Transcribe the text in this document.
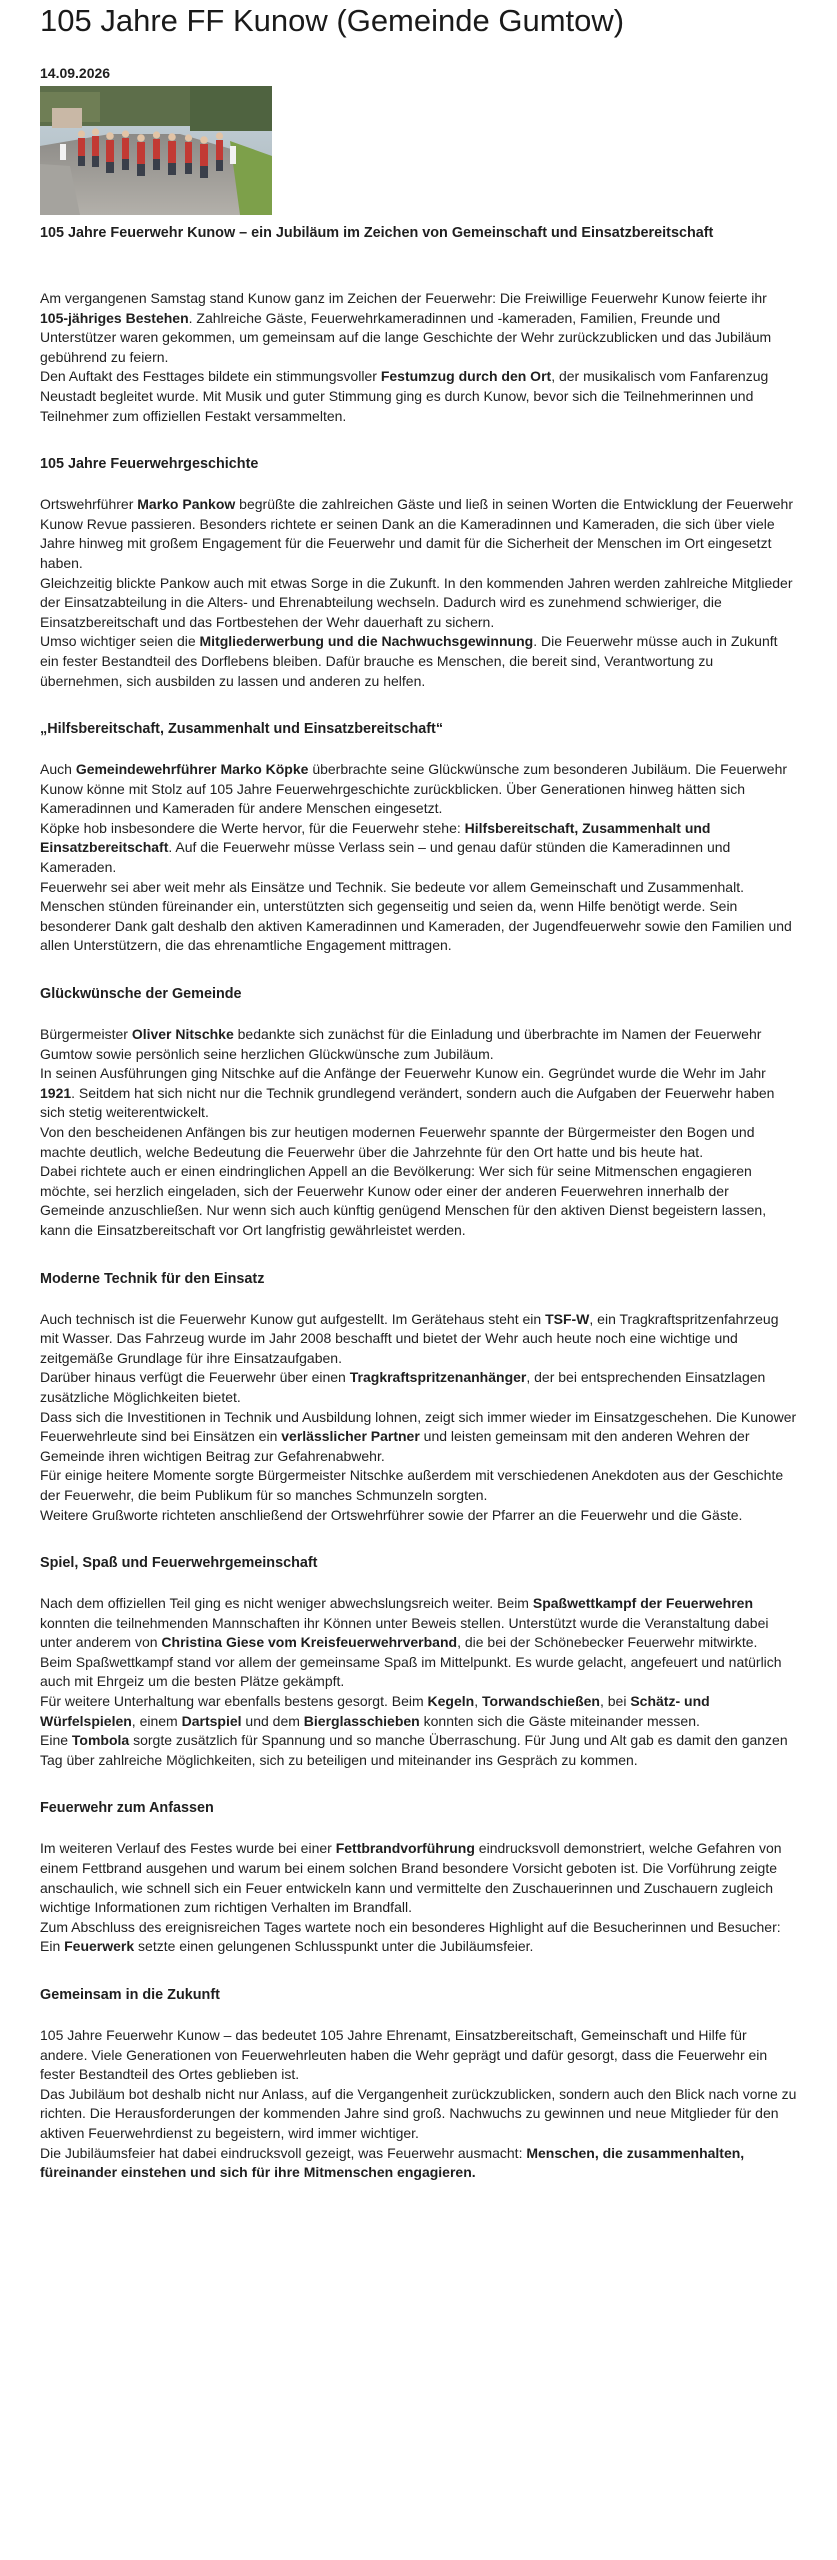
105 Jahre FF Kunow (Gemeinde Gumtow)
14.09.2026
105 Jahre Feuerwehr Kunow – ein Jubiläum im Zeichen von Gemeinschaft und Einsatzbereitschaft

Am vergangenen Samstag stand Kunow ganz im Zeichen der Feuerwehr: Die Freiwillige Feuerwehr Kunow feierte ihr 105-jähriges Bestehen. Zahlreiche Gäste, Feuerwehrkameradinnen und -kameraden, Familien, Freunde und Unterstützer waren gekommen, um gemeinsam auf die lange Geschichte der Wehr zurückzublicken und das Jubiläum gebührend zu feiern.

Den Auftakt des Festtages bildete ein stimmungsvoller Festumzug durch den Ort, der musikalisch vom Fanfarenzug Neustadt begleitet wurde. Mit Musik und guter Stimmung ging es durch Kunow, bevor sich die Teilnehmerinnen und Teilnehmer zum offiziellen Festakt versammelten.

105 Jahre Feuerwehrgeschichte

Ortswehrführer Marko Pankow begrüßte die zahlreichen Gäste und ließ in seinen Worten die Entwicklung der Feuerwehr Kunow Revue passieren. Besonders richtete er seinen Dank an die Kameradinnen und Kameraden, die sich über viele Jahre hinweg mit großem Engagement für die Feuerwehr und damit für die Sicherheit der Menschen im Ort eingesetzt haben.

Gleichzeitig blickte Pankow auch mit etwas Sorge in die Zukunft. In den kommenden Jahren werden zahlreiche Mitglieder der Einsatzabteilung in die Alters- und Ehrenabteilung wechseln. Dadurch wird es zunehmend schwieriger, die Einsatzbereitschaft und das Fortbestehen der Wehr dauerhaft zu sichern.

Umso wichtiger seien die Mitgliederwerbung und die Nachwuchsgewinnung. Die Feuerwehr müsse auch in Zukunft ein fester Bestandteil des Dorflebens bleiben. Dafür brauche es Menschen, die bereit sind, Verantwortung zu übernehmen, sich ausbilden zu lassen und anderen zu helfen.

„Hilfsbereitschaft, Zusammenhalt und Einsatzbereitschaft“

Auch Gemeindewehrführer Marko Köpke überbrachte seine Glückwünsche zum besonderen Jubiläum. Die Feuerwehr Kunow könne mit Stolz auf 105 Jahre Feuerwehrgeschichte zurückblicken. Über Generationen hinweg hätten sich Kameradinnen und Kameraden für andere Menschen eingesetzt.

Köpke hob insbesondere die Werte hervor, für die Feuerwehr stehe: Hilfsbereitschaft, Zusammenhalt und Einsatzbereitschaft. Auf die Feuerwehr müsse Verlass sein – und genau dafür stünden die Kameradinnen und Kameraden.

Feuerwehr sei aber weit mehr als Einsätze und Technik. Sie bedeute vor allem Gemeinschaft und Zusammenhalt. Menschen stünden füreinander ein, unterstützten sich gegenseitig und seien da, wenn Hilfe benötigt werde. Sein besonderer Dank galt deshalb den aktiven Kameradinnen und Kameraden, der Jugendfeuerwehr sowie den Familien und allen Unterstützern, die das ehrenamtliche Engagement mittragen.

Glückwünsche der Gemeinde

Bürgermeister Oliver Nitschke bedankte sich zunächst für die Einladung und überbrachte im Namen der Feuerwehr Gumtow sowie persönlich seine herzlichen Glückwünsche zum Jubiläum.

In seinen Ausführungen ging Nitschke auf die Anfänge der Feuerwehr Kunow ein. Gegründet wurde die Wehr im Jahr 1921. Seitdem hat sich nicht nur die Technik grundlegend verändert, sondern auch die Aufgaben der Feuerwehr haben sich stetig weiterentwickelt.

Von den bescheidenen Anfängen bis zur heutigen modernen Feuerwehr spannte der Bürgermeister den Bogen und machte deutlich, welche Bedeutung die Feuerwehr über die Jahrzehnte für den Ort hatte und bis heute hat.

Dabei richtete auch er einen eindringlichen Appell an die Bevölkerung: Wer sich für seine Mitmenschen engagieren möchte, sei herzlich eingeladen, sich der Feuerwehr Kunow oder einer der anderen Feuerwehren innerhalb der Gemeinde anzuschließen. Nur wenn sich auch künftig genügend Menschen für den aktiven Dienst begeistern lassen, kann die Einsatzbereitschaft vor Ort langfristig gewährleistet werden.

Moderne Technik für den Einsatz

Auch technisch ist die Feuerwehr Kunow gut aufgestellt. Im Gerätehaus steht ein TSF-W, ein Tragkraftspritzenfahrzeug mit Wasser. Das Fahrzeug wurde im Jahr 2008 beschafft und bietet der Wehr auch heute noch eine wichtige und zeitgemäße Grundlage für ihre Einsatzaufgaben.

Darüber hinaus verfügt die Feuerwehr über einen Tragkraftspritzenanhänger, der bei entsprechenden Einsatzlagen zusätzliche Möglichkeiten bietet.

Dass sich die Investitionen in Technik und Ausbildung lohnen, zeigt sich immer wieder im Einsatzgeschehen. Die Kunower Feuerwehrleute sind bei Einsätzen ein verlässlicher Partner und leisten gemeinsam mit den anderen Wehren der Gemeinde ihren wichtigen Beitrag zur Gefahrenabwehr.

Für einige heitere Momente sorgte Bürgermeister Nitschke außerdem mit verschiedenen Anekdoten aus der Geschichte der Feuerwehr, die beim Publikum für so manches Schmunzeln sorgten.

Weitere Grußworte richteten anschließend der Ortswehrführer sowie der Pfarrer an die Feuerwehr und die Gäste.

Spiel, Spaß und Feuerwehrgemeinschaft

Nach dem offiziellen Teil ging es nicht weniger abwechslungsreich weiter. Beim Spaßwettkampf der Feuerwehren konnten die teilnehmenden Mannschaften ihr Können unter Beweis stellen. Unterstützt wurde die Veranstaltung dabei unter anderem von Christina Giese vom Kreisfeuerwehrverband, die bei der Schönebecker Feuerwehr mitwirkte.

Beim Spaßwettkampf stand vor allem der gemeinsame Spaß im Mittelpunkt. Es wurde gelacht, angefeuert und natürlich auch mit Ehrgeiz um die besten Plätze gekämpft.

Für weitere Unterhaltung war ebenfalls bestens gesorgt. Beim Kegeln, Torwandschießen, bei Schätz- und Würfelspielen, einem Dartspiel und dem Bierglasschieben konnten sich die Gäste miteinander messen.

Eine Tombola sorgte zusätzlich für Spannung und so manche Überraschung. Für Jung und Alt gab es damit den ganzen Tag über zahlreiche Möglichkeiten, sich zu beteiligen und miteinander ins Gespräch zu kommen.

Feuerwehr zum Anfassen

Im weiteren Verlauf des Festes wurde bei einer Fettbrandvorführung eindrucksvoll demonstriert, welche Gefahren von einem Fettbrand ausgehen und warum bei einem solchen Brand besondere Vorsicht geboten ist. Die Vorführung zeigte anschaulich, wie schnell sich ein Feuer entwickeln kann und vermittelte den Zuschauerinnen und Zuschauern zugleich wichtige Informationen zum richtigen Verhalten im Brandfall.

Zum Abschluss des ereignisreichen Tages wartete noch ein besonderes Highlight auf die Besucherinnen und Besucher: Ein Feuerwerk setzte einen gelungenen Schlusspunkt unter die Jubiläumsfeier.

Gemeinsam in die Zukunft

105 Jahre Feuerwehr Kunow – das bedeutet 105 Jahre Ehrenamt, Einsatzbereitschaft, Gemeinschaft und Hilfe für andere. Viele Generationen von Feuerwehrleuten haben die Wehr geprägt und dafür gesorgt, dass die Feuerwehr ein fester Bestandteil des Ortes geblieben ist.

Das Jubiläum bot deshalb nicht nur Anlass, auf die Vergangenheit zurückzublicken, sondern auch den Blick nach vorne zu richten. Die Herausforderungen der kommenden Jahre sind groß. Nachwuchs zu gewinnen und neue Mitglieder für den aktiven Feuerwehrdienst zu begeistern, wird immer wichtiger.

Die Jubiläumsfeier hat dabei eindrucksvoll gezeigt, was Feuerwehr ausmacht: Menschen, die zusammenhalten, füreinander einstehen und sich für ihre Mitmenschen engagieren.
